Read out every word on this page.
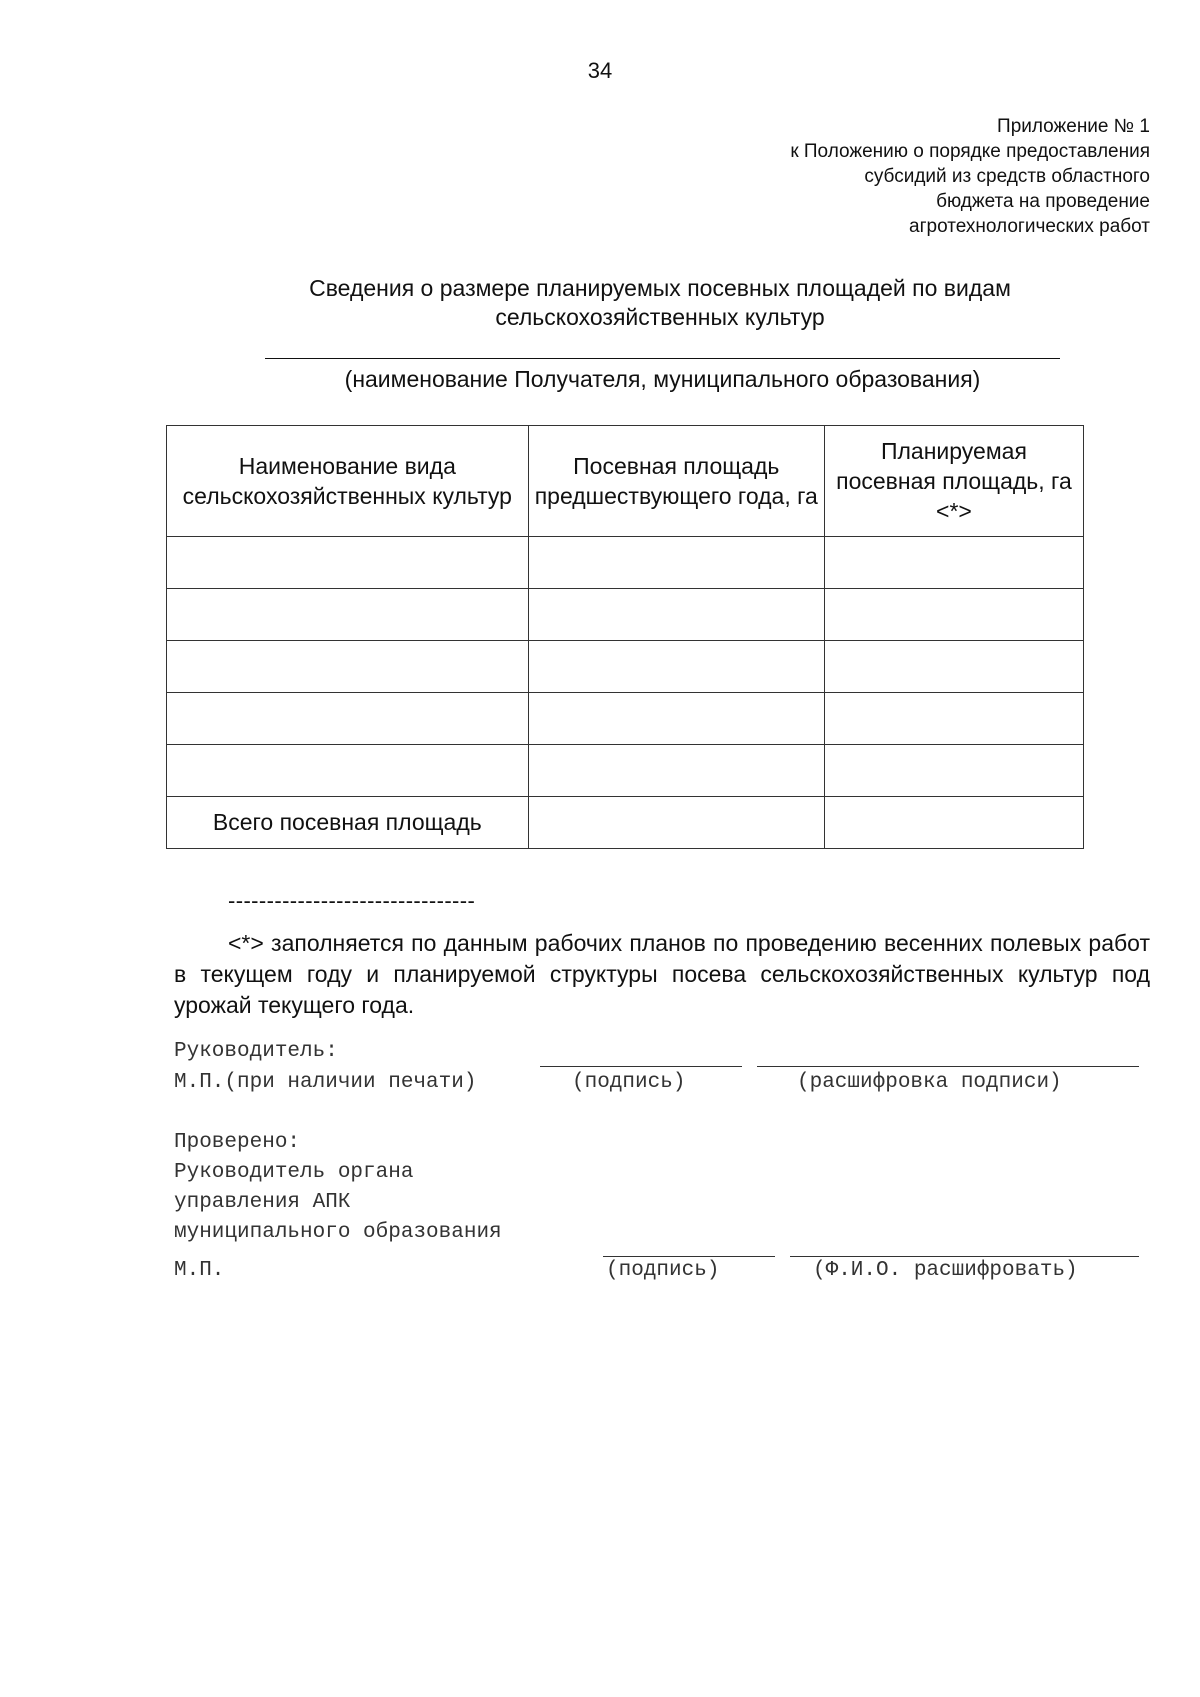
34
Приложение № 1
к Положению о порядке предоставления
субсидий из средств областного
бюджета на проведение
агротехнологических работ
Сведения о размере планируемых посевных площадей по видам
сельскохозяйственных культур
(наименование Получателя, муниципального образования)
Наименование вида сельскохозяйственных культур	Посевная площадь предшествующего года, га	Планируемая посевная площадь, га <*>

Всего посевная площадь		
--------------------------------
<*> заполняется по данным рабочих планов по проведению весенних полевых работ в текущем году и планируемой структуры посева сельскохозяйственных культур под урожай текущего года.
Руководитель:
М.П.(при наличии печати)	(подпись)	(расшифровка подписи)
Проверено:
Руководитель органа
управления АПК
муниципального образования
М.П.	(подпись)	(Ф.И.О. расшифровать)
